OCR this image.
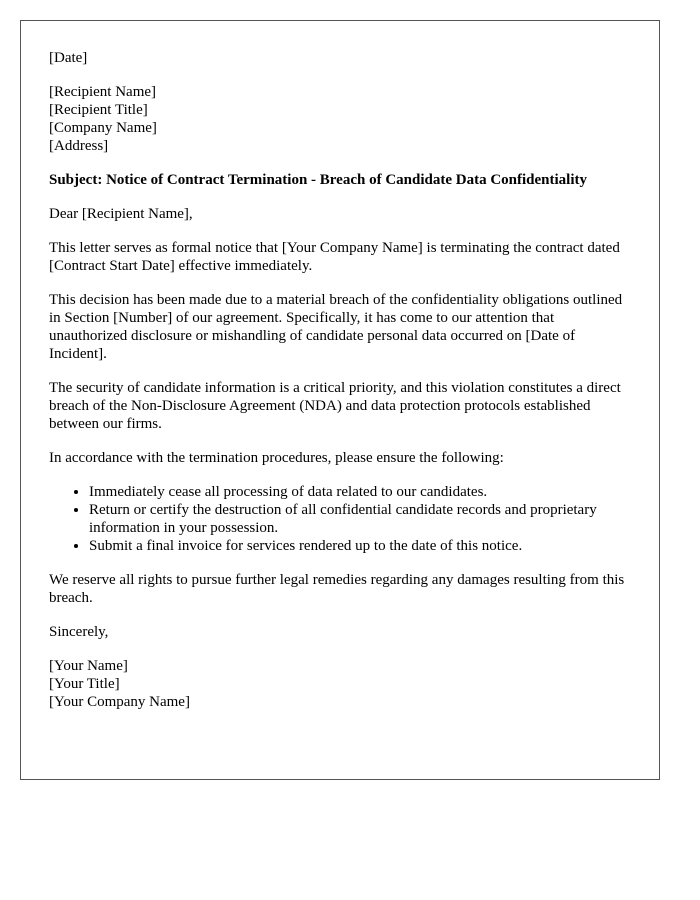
[Date]
[Recipient Name]
[Recipient Title]
[Company Name]
[Address]

Subject: Notice of Contract Termination - Breach of Candidate Data Confidentiality

Dear [Recipient Name],

This letter serves as formal notice that [Your Company Name] is terminating the contract dated [Contract Start Date] effective immediately.

This decision has been made due to a material breach of the confidentiality obligations outlined in Section [Number] of our agreement. Specifically, it has come to our attention that unauthorized disclosure or mishandling of candidate personal data occurred on [Date of Incident].

The security of candidate information is a critical priority, and this violation constitutes a direct breach of the Non-Disclosure Agreement (NDA) and data protection protocols established between our firms.

In accordance with the termination procedures, please ensure the following:

• Immediately cease all processing of data related to our candidates.
• Return or certify the destruction of all confidential candidate records and proprietary information in your possession.
• Submit a final invoice for services rendered up to the date of this notice.

We reserve all rights to pursue further legal remedies regarding any damages resulting from this breach.

Sincerely,

[Your Name]
[Your Title]
[Your Company Name]
